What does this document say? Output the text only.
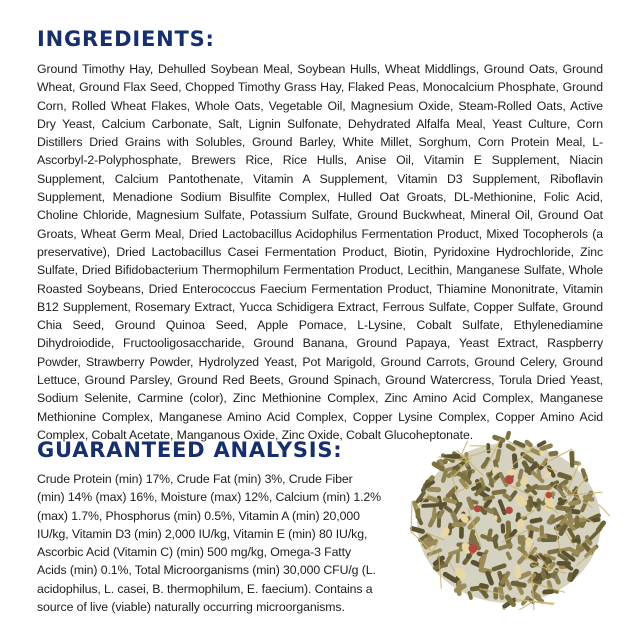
INGREDIENTS:

Ground Timothy Hay, Dehulled Soybean Meal, Soybean Hulls, Wheat Middlings, Ground Oats, Ground Wheat, Ground Flax Seed, Chopped Timothy Grass Hay, Flaked Peas, Monocalcium Phosphate, Ground Corn, Rolled Wheat Flakes, Whole Oats, Vegetable Oil, Magnesium Oxide, Steam-Rolled Oats, Active Dry Yeast, Calcium Carbonate, Salt, Lignin Sulfonate, Dehydrated Alfalfa Meal, Yeast Culture, Corn Distillers Dried Grains with Solubles, Ground Barley, White Millet, Sorghum, Corn Protein Meal, L-Ascorbyl-2-Polyphosphate, Brewers Rice, Rice Hulls, Anise Oil, Vitamin E Supplement, Niacin Supplement, Calcium Pantothenate, Vitamin A Supplement, Vitamin D3 Supplement, Riboflavin Supplement, Menadione Sodium Bisulfite Complex, Hulled Oat Groats, DL-Methionine, Folic Acid, Choline Chloride, Magnesium Sulfate, Potassium Sulfate, Ground Buckwheat, Mineral Oil, Ground Oat Groats, Wheat Germ Meal, Dried Lactobacillus Acidophilus Fermentation Product, Mixed Tocopherols (a preservative), Dried Lactobacillus Casei Fermentation Product, Biotin, Pyridoxine Hydrochloride, Zinc Sulfate, Dried Bifidobacterium Thermophilum Fermentation Product, Lecithin, Manganese Sulfate, Whole Roasted Soybeans, Dried Enterococcus Faecium Fermentation Product, Thiamine Mononitrate, Vitamin B12 Supplement, Rosemary Extract, Yucca Schidigera Extract, Ferrous Sulfate, Copper Sulfate, Ground Chia Seed, Ground Quinoa Seed, Apple Pomace, L-Lysine, Cobalt Sulfate, Ethylenediamine Dihydroiodide, Fructooligosaccharide, Ground Banana, Ground Papaya, Yeast Extract, Raspberry Powder, Strawberry Powder, Hydrolyzed Yeast, Pot Marigold, Ground Carrots, Ground Celery, Ground Lettuce, Ground Parsley, Ground Red Beets, Ground Spinach, Ground Watercress, Torula Dried Yeast, Sodium Selenite, Carmine (color), Zinc Methionine Complex, Zinc Amino Acid Complex, Manganese Methionine Complex, Manganese Amino Acid Complex, Copper Lysine Complex, Copper Amino Acid Complex, Cobalt Acetate, Manganous Oxide, Zinc Oxide, Cobalt Glucoheptonate.

GUARANTEED ANALYSIS:

Crude Protein (min) 17%, Crude Fat (min) 3%, Crude Fiber (min) 14% (max) 16%, Moisture (max) 12%, Calcium (min) 1.2% (max) 1.7%, Phosphorus (min) 0.5%, Vitamin A (min) 20,000 IU/kg, Vitamin D3 (min) 2,000 IU/kg, Vitamin E (min) 80 IU/kg, Ascorbic Acid (Vitamin C) (min) 500 mg/kg, Omega-3 Fatty Acids (min) 0.1%, Total Microorganisms (min) 30,000 CFU/g (L. acidophilus, L. casei, B. thermophilum, E. faecium). Contains a source of live (viable) naturally occurring microorganisms.
